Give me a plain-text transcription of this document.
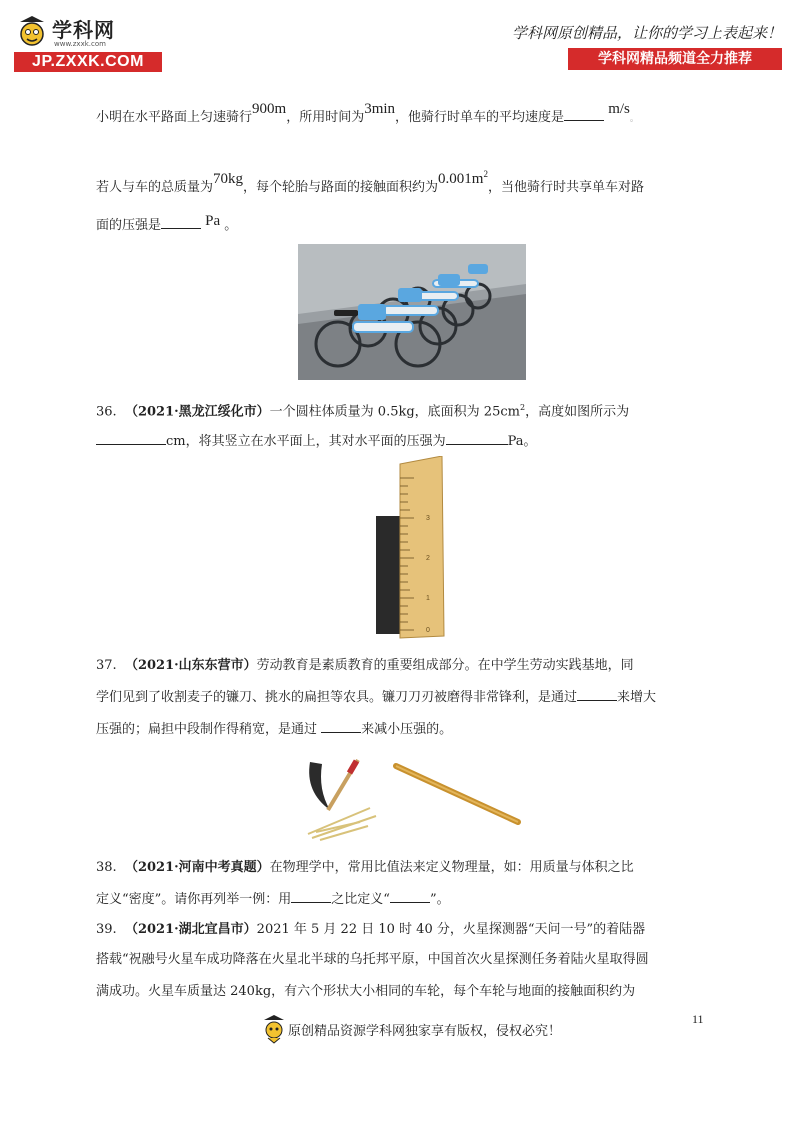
学科网
www.zxxk.com
JP.ZXXK.COM
学科网原创精品，让你的学习上表起来！
学科网精品频道全力推荐
小明在水平路面上匀速骑行900m，所用时间为3min，他骑行时单车的平均速度是 m/s。
若人与车的总质量为70kg，每个轮胎与路面的接触面积约为$0.001m^2$，当他骑行时共享单车对路
面的压强是	Pa 。
36. （2021·黑龙江绥化市）一个圆柱体质量为 0.5kg，底面积为 $25cm^2$，高度如图所示为
cm，将其竖立在水平面上，其对水平面的压强为	Pa。
3
2
1
0
37. （2021·山东东营市）劳动教育是素质教育的重要组成部分。在中学生劳动实践基地，同
学们见到了收割麦子的镰刀、挑水的扁担等农具。镰刀刀刃被磨得非常锋利，是通过	来增大
压强的；扁担中段制作得稍宽，是通过	来减小压强的。
38. （2021·河南中考真题）在物理学中，常用比值法来定义物理量，如：用质量与体积之比
定义“密度”。请你再列举一例：用	之比定义“	”。
39. （2021·湖北宜昌市）2021 年 5 月 22 日 10 时 40 分，火星探测器“天问一号”的着陆器
搭载“祝融号火星车成功降落在火星北半球的乌托邦平原，中国首次火星探测任务着陆火星取得圆
满成功。火星车质量达 240kg，有六个形状大小相同的车轮，每个车轮与地面的接触面积约为
11
原创精品资源学科网独家享有版权，侵权必究！
